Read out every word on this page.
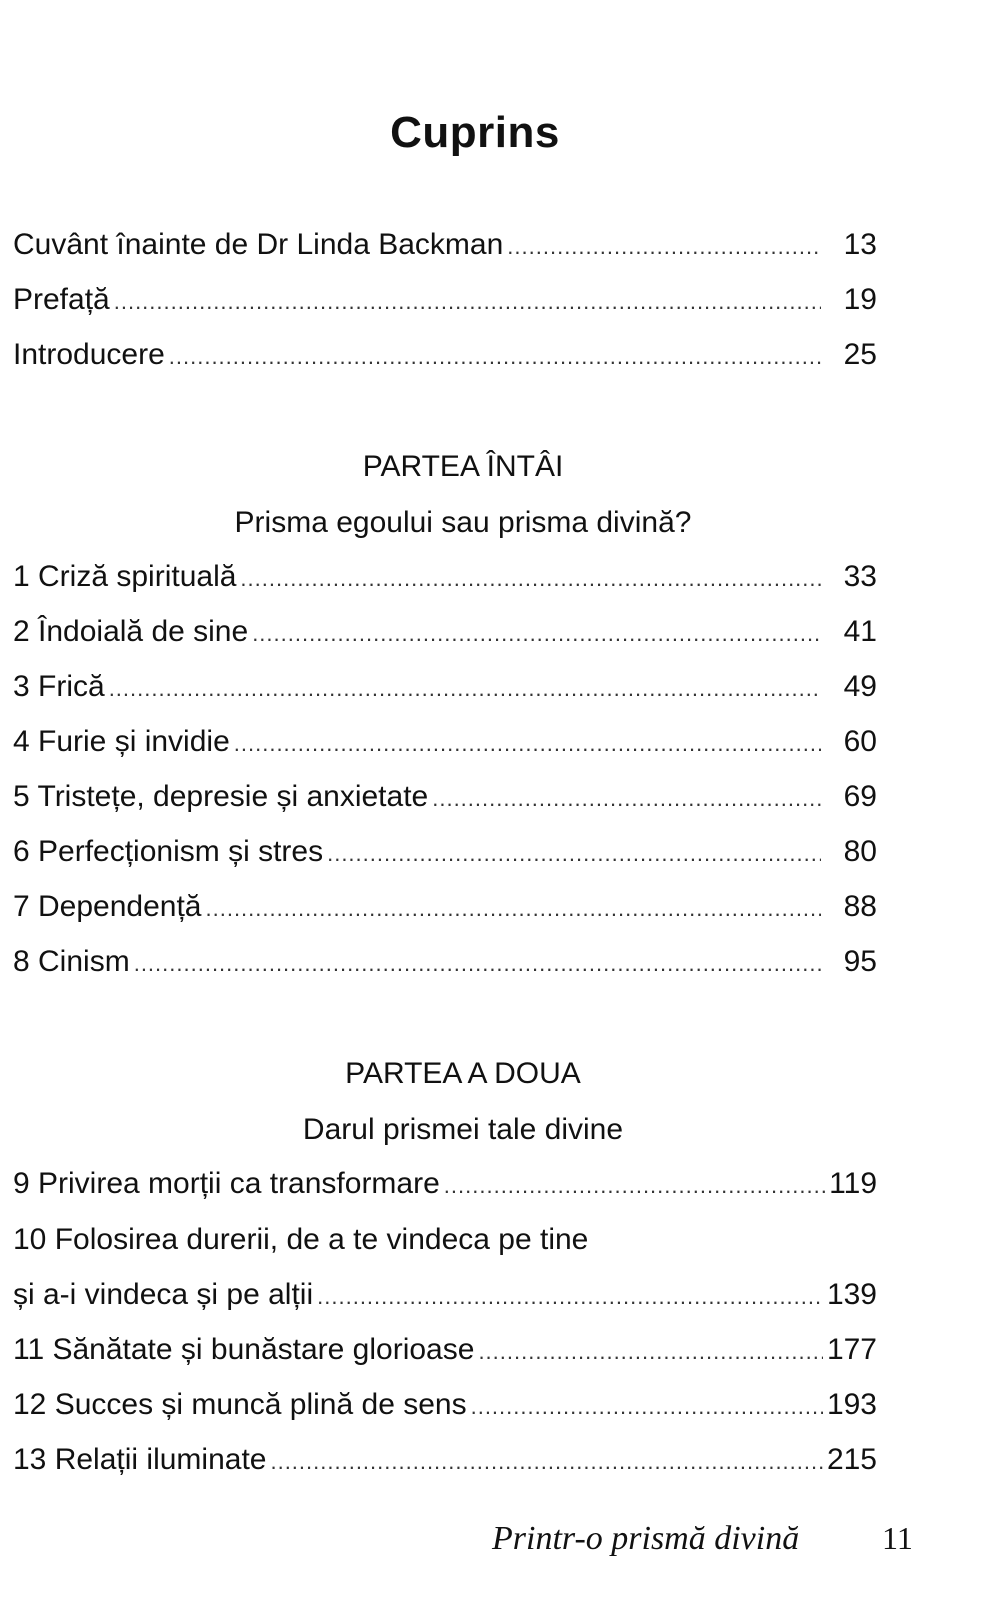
Cuprins
Cuvânt înainte de Dr Linda Backman .....	13
Prefață .....	19
Introducere .....	25
PARTEA ÎNTÂI
Prisma egoului sau prisma divină?
1 Criză spirituală .....	33
2 Îndoială de sine .....	41
3 Frică .....	49
4 Furie și invidie .....	60
5 Tristețe, depresie și anxietate .....	69
6 Perfecționism și stres .....	80
7 Dependență .....	88
8 Cinism .....	95
PARTEA A DOUA
Darul prismei tale divine
9 Privirea morții ca transformare .....	119
10 Folosirea durerii, de a te vindeca pe tine
și a-i vindeca și pe alții .....	139
11 Sănătate și bunăstare glorioase .....	177
12 Succes și muncă plină de sens .....	193
13 Relații iluminate .....	215
Printr-o prismă divină	11
